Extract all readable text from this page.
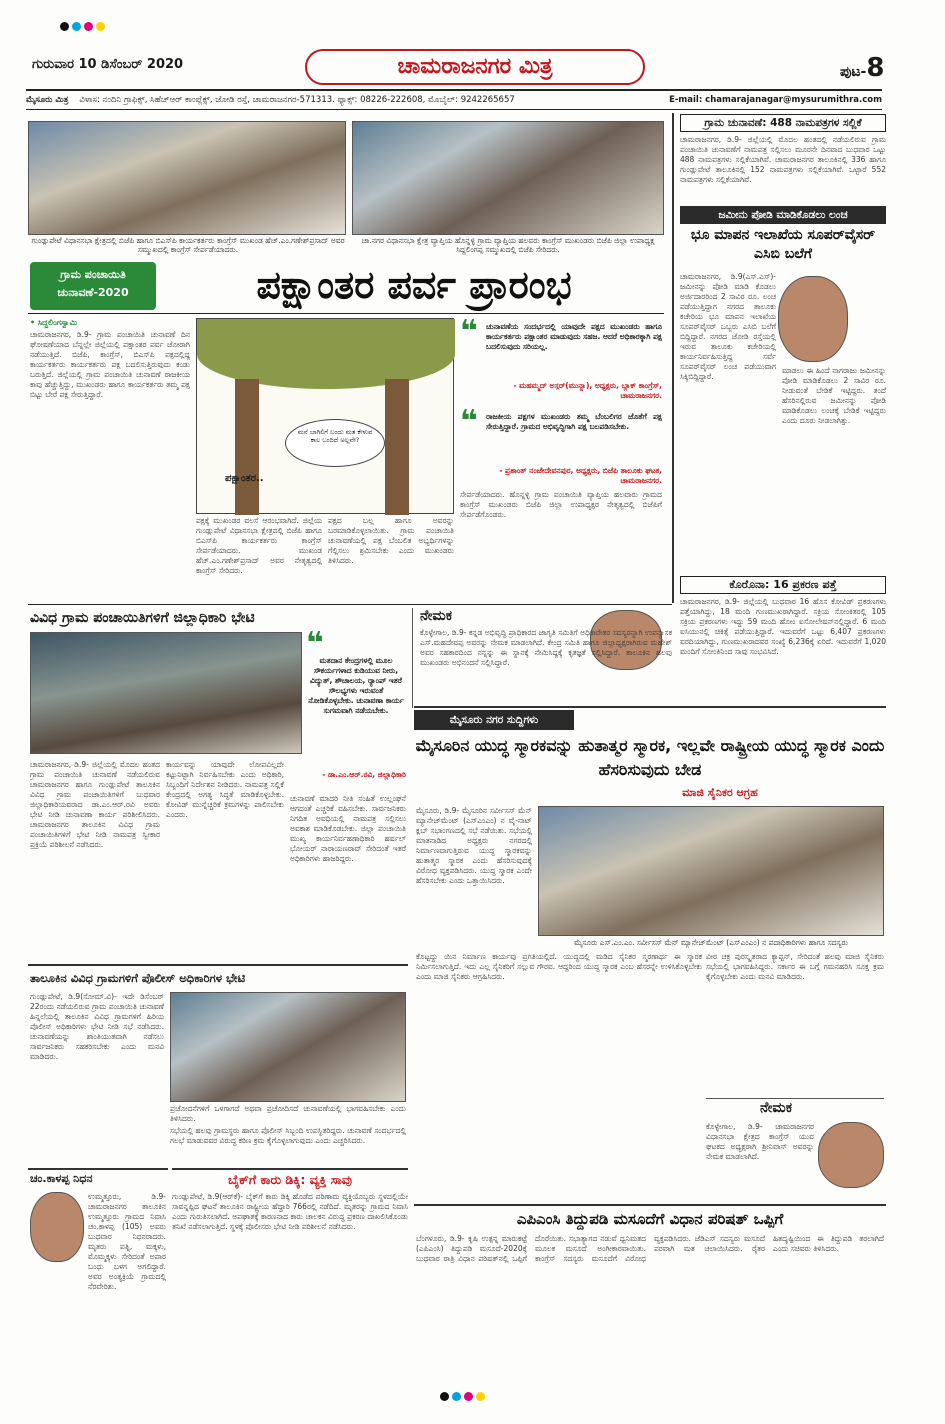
ಗುರುವಾರ 10 ಡಿಸೆಂಬರ್ 2020	ಚಾಮರಾಜನಗರ ಮಿತ್ರ	ಪುಟ-8
ಮೈಸೂರು ಮಿತ್ರ ವಿಳಾಸ: ನಂದಿನಿ ಗ್ರಾಫಿಕ್ಸ್, ಸಿಹೆಚ್‌ಆರ್ ಕಾಂಪ್ಲೆಕ್ಸ್, ಜೋಡಿ ರಸ್ತೆ, ಚಾಮರಾಜನಗರ-571313. ಫ್ಯಾಕ್ಸ್: 08226-222608, ಮೊಬೈಲ್: 9242265657	E-mail: chamarajanagar@mysurumithra.com
ಗುಂಡ್ಲುಪೇಟೆ ವಿಧಾನಸಭಾ ಕ್ಷೇತ್ರದಲ್ಲಿ ಬಿಜೆಪಿ ಹಾಗೂ ಬಿಎಸ್‌ಪಿ ಕಾರ್ಯಕರ್ತರು ಕಾಂಗ್ರೆಸ್ ಮುಖಂಡ ಹೆಚ್.ಎಂ.ಗಣೇಶ್‌ಪ್ರಸಾದ್ ಅವರ ಸಮ್ಮುಖದಲ್ಲಿ ಕಾಂಗ್ರೆಸ್ ಸೇರ್ಪಡೆಯಾದರು.
ಚಾ.ನಗರ ವಿಧಾನಸಭಾ ಕ್ಷೇತ್ರ ವ್ಯಾಪ್ತಿಯ ಹೊನ್ನಳ್ಳಿ ಗ್ರಾಮ ವ್ಯಾಪ್ತಿಯ ಹಲವರು ಕಾಂಗ್ರೆಸ್ ಮುಖಂಡರು ಬಿಜೆಪಿ ಜಿಲ್ಲಾ ಉಪಾಧ್ಯಕ್ಷ ಸಿದ್ದಲಿಂಗಪ್ಪ ಸಮ್ಮುಖದಲ್ಲಿ ಬಿಜೆಪಿ ಸೇರಿದರು.
ಗ್ರಾಮ ಪಂಚಾಯಿತಿ
ಚುನಾವಣೆ-2020	ಪಕ್ಷಾಂತರ ಪರ್ವ ಪ್ರಾರಂಭ
• ಸಿದ್ದಲಿಂಗಸ್ವಾಮಿ
ಚಾಮರಾಜನಗರ, ಡಿ.9- ಗ್ರಾಮ ಪಂಚಾಯಿತಿ ಚುನಾವಣೆ ದಿನ ಘೋಷಣೆಯಾದ ಬೆನ್ನಲ್ಲೇ ಜಿಲ್ಲೆಯಲ್ಲಿ ಪಕ್ಷಾಂತರ ಪರ್ವ ಜೋರಾಗಿ ನಡೆಯುತ್ತಿದೆ. ಬಿಜೆಪಿ, ಕಾಂಗ್ರೆಸ್, ಬಿಎಸ್‌ಪಿ ಪಕ್ಷದಲ್ಲಿದ್ದ ಕಾರ್ಯಕರ್ತರು ಕಾರ್ಯಕರ್ತರು ಪಕ್ಷ ಬದಲಿಸುತ್ತಿರುವುದು ಕಂಡು ಬರುತ್ತಿದೆ. ಜಿಲ್ಲೆಯಲ್ಲಿ ಗ್ರಾಮ ಪಂಚಾಯಿತಿ ಚುನಾವಣೆ ರಾಜಕೀಯ ಕಾವು ಹೆಚ್ಚುತ್ತಿದ್ದು, ಮುಖಂಡರು ಹಾಗೂ ಕಾರ್ಯಕರ್ತರು ತಮ್ಮ ಪಕ್ಷ ಬಿಟ್ಟು ಬೇರೆ ಪಕ್ಷ ಸೇರುತ್ತಿದ್ದಾರೆ.
ಮನೆ ಬಾಗಿಲಿಗೆ ಬಂದು ಮತ ಕೇಳುವ ಕಾಲ ಬಂದಿದೆ ಅಲ್ಲವೇ?
ಪಕ್ಷಾಂತರ..
ಪಕ್ಷಕ್ಕೆ ಮುಖಂಡರ ವಲಸೆ ಆರಂಭವಾಗಿದೆ. ಜಿಲ್ಲೆಯ ಗುಂಡ್ಲುಪೇಟೆ ವಿಧಾನಸಭಾ ಕ್ಷೇತ್ರದಲ್ಲಿ ಬಿಜೆಪಿ ಹಾಗೂ ಬಿಎಸ್‌ಪಿ ಕಾರ್ಯಕರ್ತರು ಕಾಂಗ್ರೆಸ್ ಸೇರ್ಪಡೆಯಾದರು. ಮುಖಂಡ ಹೆಚ್.ಎಂ.ಗಣೇಶ್‌ಪ್ರಸಾದ್ ಅವರ ನೇತೃತ್ವದಲ್ಲಿ ಕಾಂಗ್ರೆಸ್ ಸೇರಿದರು.
ಪಕ್ಷದ ಬಲ್ಲ ಹಾಗೂ ಅವರನ್ನು ಬರಮಾಡಿಕೊಳ್ಳಲಾಯಿತು. ಗ್ರಾಮ ಪಂಚಾಯಿತಿ ಚುನಾವಣೆಯಲ್ಲಿ ಪಕ್ಷ ಬೆಂಬಲಿತ ಅಭ್ಯರ್ಥಿಗಳನ್ನು ಗೆಲ್ಲಿಸಲು ಶ್ರಮಿಸಬೇಕು ಎಂದು ಮುಖಂಡರು ತಿಳಿಸಿದರು.
❝ ಚುನಾವಣೆಯ ಸಂದರ್ಭದಲ್ಲಿ ಯಾವುದೇ ಪಕ್ಷದ ಮುಖಂಡರು ಹಾಗೂ ಕಾರ್ಯಕರ್ತರು ಪಕ್ಷಾಂತರ ಮಾಡುವುದು ಸಹಜ. ಆದರೆ ಅಧಿಕಾರಕ್ಕಾಗಿ ಪಕ್ಷ ಬದಲಿಸುವುದು ಸರಿಯಲ್ಲ.
- ಮಹಮ್ಮದ್ ಅಸ್ಗರ್(ಮುನ್ನಾ), ಅಧ್ಯಕ್ಷರು, ಬ್ಲಾಕ್ ಕಾಂಗ್ರೆಸ್, ಚಾಮರಾಜನಗರ.
❝ ರಾಜಕೀಯ ಪಕ್ಷಗಳ ಮುಖಂಡರು ತಮ್ಮ ಬೆಂಬಲಿಗರ ಜೊತೆಗೆ ಪಕ್ಷ ಸೇರುತ್ತಿದ್ದಾರೆ. ಗ್ರಾಮದ ಅಭಿವೃದ್ಧಿಗಾಗಿ ಪಕ್ಷ ಬಲಪಡಿಸಬೇಕು.
- ಪ್ರಶಾಂತ್ ನಂಜೇದೇವನಪುರ, ಅಧ್ಯಕ್ಷರು, ಬಿಜೆಪಿ ತಾಲೂಕು ಘಟಕ, ಚಾಮರಾಜನಗರ.
ಸೇರ್ಪಡೆಯಾದರು. ಹೊನ್ನಳ್ಳಿ ಗ್ರಾಮ ಪಂಚಾಯಿತಿ ವ್ಯಾಪ್ತಿಯ ಹಲವಾರು ಗ್ರಾಮದ ಕಾಂಗ್ರೆಸ್ ಮುಖಂಡರು ಬಿಜೆಪಿ ಜಿಲ್ಲಾ ಉಪಾಧ್ಯಕ್ಷರ ನೇತೃತ್ವದಲ್ಲಿ ಬಿಜೆಪಿಗೆ ಸೇರ್ಪಡೆಗೊಂಡರು.
ಗ್ರಾಮ ಚುನಾವಣೆ: 488 ನಾಮಪತ್ರಗಳ ಸಲ್ಲಿಕೆ
ಚಾಮರಾಜನಗರ, ಡಿ.9- ಜಿಲ್ಲೆಯಲ್ಲಿ ಮೊದಲ ಹಂತದಲ್ಲಿ ನಡೆಯಲಿರುವ ಗ್ರಾಮ ಪಂಚಾಯಿತಿ ಚುನಾವಣೆಗೆ ನಾಮಪತ್ರ ಸಲ್ಲಿಸಲು ಮೂರನೇ ದಿನವಾದ ಬುಧವಾರ ಒಟ್ಟು 488 ನಾಮಪತ್ರಗಳು ಸಲ್ಲಿಕೆಯಾಗಿವೆ. ಚಾಮರಾಜನಗರ ತಾಲೂಕಿನಲ್ಲಿ 336 ಹಾಗೂ ಗುಂಡ್ಲುಪೇಟೆ ತಾಲೂಕಿನಲ್ಲಿ 152 ನಾಮಪತ್ರಗಳು ಸಲ್ಲಿಕೆಯಾಗಿವೆ. ಒಟ್ಟಾರೆ 552 ನಾಮಪತ್ರಗಳು ಸಲ್ಲಿಕೆಯಾಗಿವೆ.
ಜಮೀನು ಪೋಡಿ ಮಾಡಿಕೊಡಲು ಲಂಚ
ಭೂ ಮಾಪನ ಇಲಾಖೆಯ ಸೂಪರ್‌ವೈಸರ್ ಎಸಿಬಿ ಬಲೆಗೆ
ಚಾಮರಾಜನಗರ, ಡಿ.9(ಎಸ್.ಎಸ್)- ಜಮೀನನ್ನು ಪೋಡಿ ಮಾಡಿ ಕೊಡಲು ಅರ್ಜಿದಾರರಿಂದ 2 ಸಾವಿರ ರೂ. ಲಂಚ ಪಡೆಯುತ್ತಿದ್ದಾಗ ನಗರದ ತಾಲೂಕು ಕಚೇರಿಯ ಭೂ ಮಾಪನ ಇಲಾಖೆಯ ಸೂಪರ್‌ವೈಸರ್ ಒಬ್ಬರು ಎಸಿಬಿ ಬಲೆಗೆ ಬಿದ್ದಿದ್ದಾರೆ. ನಗರದ ಜೋಡಿ ರಸ್ತೆಯಲ್ಲಿ ಇರುವ ತಾಲೂಕು ಕಚೇರಿಯಲ್ಲಿ ಕಾರ್ಯನಿರ್ವಹಿಸುತ್ತಿದ್ದ ಸರ್ವೆ ಸೂಪರ್‌ವೈಸರ್ ಲಂಚ ಪಡೆಯುವಾಗ ಸಿಕ್ಕಿಬಿದ್ದಿದ್ದಾರೆ.
ಮಾಡಲು ಈ ಹಿಂದೆ ನಾಗರಾಜು ಜಮೀನನ್ನು ಪೋಡಿ ಮಾಡಿಕೊಡಲು 2 ಸಾವಿರ ರೂ. ನೀಡುವಂತೆ ಬೇಡಿಕೆ ಇಟ್ಟಿದ್ದರು. ತಂದೆ ಹೆಸರಿನಲ್ಲಿರುವ ಜಮೀನನ್ನು ಪೋಡಿ ಮಾಡಿಕೊಡಲು ಲಂಚಕ್ಕೆ ಬೇಡಿಕೆ ಇಟ್ಟಿದ್ದರು ಎಂದು ದೂರು ನೀಡಲಾಗಿತ್ತು.
ಕೊರೊನಾ: 16 ಪ್ರಕರಣ ಪತ್ತೆ
ಚಾಮರಾಜನಗರ, ಡಿ.9- ಜಿಲ್ಲೆಯಲ್ಲಿ ಬುಧವಾರ 16 ಹೊಸ ಕೋವಿಡ್ ಪ್ರಕರಣಗಳು ಪತ್ತೆಯಾಗಿದ್ದು, 18 ಮಂದಿ ಗುಣಮುಖರಾಗಿದ್ದಾರೆ. ಸಕ್ರಿಯ ಸೋಂಕಿತರಲ್ಲಿ 105 ಸಕ್ರಿಯ ಪ್ರಕರಣಗಳು ಇದ್ದು 59 ಮಂದಿ ಹೋಂ ಐಸೋಲೇಷನ್‌ನಲ್ಲಿದ್ದಾರೆ. 6 ಮಂದಿ ಐಸಿಯುನಲ್ಲಿ ಚಿಕಿತ್ಸೆ ಪಡೆಯುತ್ತಿದ್ದಾರೆ. ಇದುವರೆಗೆ ಒಟ್ಟು 6,407 ಪ್ರಕರಣಗಳು ವರದಿಯಾಗಿದ್ದು, ಗುಣಮುಖರಾದವರ ಸಂಖ್ಯೆ 6,236ಕ್ಕೆ ಏರಿದೆ. ಇದುವರೆಗೆ 1,020 ಮಂದಿಗೆ ಸೋಂಕಿನಿಂದ ಸಾವು ಸಂಭವಿಸಿದೆ.
ವಿವಿಧ ಗ್ರಾಮ ಪಂಚಾಯಿತಿಗಳಿಗೆ ಜಿಲ್ಲಾಧಿಕಾರಿ ಭೇಟಿ
❝
ಮತದಾನ ಕೇಂದ್ರಗಳಲ್ಲಿ ಮೂಲ ಸೌಕರ್ಯಗಳಾದ ಕುಡಿಯುವ ನೀರು, ವಿದ್ಯುತ್, ಶೌಚಾಲಯ, ರ್‍ಯಾಂಪ್ ಇತರೆ ಸೌಲಭ್ಯಗಳು ಇರುವಂತೆ ನೋಡಿಕೊಳ್ಳಬೇಕು. ಚುನಾವಣಾ ಕಾರ್ಯ ಸುಗಮವಾಗಿ ನಡೆಯಬೇಕು.
- ಡಾ.ಎಂ.ಆರ್.ರವಿ, ಜಿಲ್ಲಾಧಿಕಾರಿ
ಚಾಮರಾಜನಗರ, ಡಿ.9- ಜಿಲ್ಲೆಯಲ್ಲಿ ಮೊದಲ ಹಂತದ ಗ್ರಾಮ ಪಂಚಾಯಿತಿ ಚುನಾವಣೆ ನಡೆಯಲಿರುವ ಚಾಮರಾಜನಗರ ಹಾಗೂ ಗುಂಡ್ಲುಪೇಟೆ ತಾಲೂಕಿನ ವಿವಿಧ ಗ್ರಾಮ ಪಂಚಾಯಿತಿಗಳಿಗೆ ಬುಧವಾರ ಜಿಲ್ಲಾಧಿಕಾರಿಯವರಾದ ಡಾ.ಎಂ.ಆರ್.ರವಿ ಅವರು ಭೇಟಿ ನೀಡಿ ಚುನಾವಣಾ ಕಾರ್ಯ ಪರಿಶೀಲಿಸಿದರು. ಚಾಮರಾಜನಗರ ತಾಲೂಕಿನ ವಿವಿಧ ಗ್ರಾಮ ಪಂಚಾಯಿತಿಗಳಿಗೆ ಭೇಟಿ ನೀಡಿ ನಾಮಪತ್ರ ಸ್ವೀಕಾರ ಪ್ರಕ್ರಿಯೆ ಪರಿಶೀಲನೆ ನಡೆಸಿದರು.
ಕಾರ್ಯವನ್ನು ಯಾವುದೇ ಲೋಪವಿಲ್ಲದೇ ಕಟ್ಟುನಿಟ್ಟಾಗಿ ನಿರ್ವಹಿಸಬೇಕು ಎಂದು ಅಧಿಕಾರಿ, ಸಿಬ್ಬಂದಿಗೆ ನಿರ್ದೇಶನ ನೀಡಿದರು. ನಾಮಪತ್ರ ಸಲ್ಲಿಕೆ ಕೇಂದ್ರದಲ್ಲಿ ಅಗತ್ಯ ಸಿದ್ಧತೆ ಮಾಡಿಕೊಳ್ಳಬೇಕು. ಕೋವಿಡ್ ಮುನ್ನೆಚ್ಚರಿಕೆ ಕ್ರಮಗಳನ್ನು ಪಾಲಿಸಬೇಕು ಎಂದರು.
ಚುನಾವಣೆ ಮಾದರಿ ನೀತಿ ಸಂಹಿತೆ ಉಲ್ಲಂಘನೆ ಆಗದಂತೆ ಎಚ್ಚರಿಕೆ ವಹಿಸಬೇಕು. ಸಾರ್ವಜನಿಕರು ನಿಗದಿತ ಅವಧಿಯಲ್ಲಿ ನಾಮಪತ್ರ ಸಲ್ಲಿಸಲು ಅವಕಾಶ ಮಾಡಿಕೊಡಬೇಕು. ಜಿಲ್ಲಾ ಪಂಚಾಯಿತಿ ಮುಖ್ಯ ಕಾರ್ಯನಿರ್ವಹಣಾಧಿಕಾರಿ ಹರ್ಷಲ್ ಭೋಯರ್ ನಾರಾಯಣರಾವ್ ಸೇರಿದಂತೆ ಇತರೆ ಅಧಿಕಾರಿಗಳು ಹಾಜರಿದ್ದರು.
ನೇಮಕ
ಕೊಳ್ಳೇಗಾಲ, ಡಿ.9- ಕನ್ನಡ ಅಭಿವೃದ್ಧಿ ಪ್ರಾಧಿಕಾರದ ಜಾಗೃತಿ ಸಮಿತಿಗೆ ಅಧಿಕಾರೇತರ ಸದಸ್ಯರನ್ನಾಗಿ ಉಪನ್ಯಾಸಕ ಎಸ್.ಮಹದೇವಪ್ಪ ಅವರನ್ನು ನೇಮಕ ಮಾಡಲಾಗಿದೆ. ಕೇಂದ್ರ ಸಮಿತಿ ಹಾಗೂ ಜಿಲ್ಲಾಧ್ಯಕ್ಷರಾಗಿರುವ ಮಹೇಶ್ ಅವರ ಸಹಕಾರದಿಂದ ನನ್ನನ್ನು ಈ ಸ್ಥಾನಕ್ಕೆ ನೇಮಿಸಿದ್ದಕ್ಕೆ ಕೃತಜ್ಞತೆ ಸಲ್ಲಿಸಿದ್ದಾರೆ. ತಾಲೂಕಿನ ಹಲವು ಮುಖಂಡರು ಅಭಿನಂದನೆ ಸಲ್ಲಿಸಿದ್ದಾರೆ.
ಮೈಸೂರು ನಗರ ಸುದ್ದಿಗಳು
ಮೈಸೂರಿನ ಯುದ್ಧ ಸ್ಮಾರಕವನ್ನು ಹುತಾತ್ಮರ ಸ್ಮಾರಕ, ಇಲ್ಲವೇ ರಾಷ್ಟ್ರೀಯ ಯುದ್ಧ ಸ್ಮಾರಕ ಎಂದು ಹೆಸರಿಸುವುದು ಬೇಡ
ಮಾಜಿ ಸೈನಿಕರ ಆಗ್ರಹ
ಮೈಸೂರು, ಡಿ.9- ಮೈಸೂರಿನ ಸರ್ವೀಸಸ್ ಮೆನ್ ಮ್ಯಾನೇಜ್‌ಮೆಂಟ್ (ಎಸ್‌ಎಂಎಂ) ನ ವೈ-ನಾಟ್ ಕ್ಲಬ್ ಸಭಾಂಗಣದಲ್ಲಿ ಸಭೆ ನಡೆಯಿತು. ಸಭೆಯಲ್ಲಿ ಮಾತನಾಡಿದ ಅಧ್ಯಕ್ಷರು ನಗರದಲ್ಲಿ ನಿರ್ಮಾಣವಾಗುತ್ತಿರುವ ಯುದ್ಧ ಸ್ಮಾರಕವನ್ನು ಹುತಾತ್ಮರ ಸ್ಮಾರಕ ಎಂದು ಹೆಸರಿಸುವುದಕ್ಕೆ ವಿರೋಧ ವ್ಯಕ್ತಪಡಿಸಿದರು. ಯುದ್ಧ ಸ್ಮಾರಕ ಎಂದೇ ಹೆಸರಿಸಬೇಕು ಎಂದು ಒತ್ತಾಯಿಸಿದರು.
ಮೈಸೂರು ಎಸ್.ಎಂ.ಎಂ. ಸರ್ವೀಸಸ್ ಮೆನ್ ಮ್ಯಾನೇಜ್‌ಮೆಂಟ್ (ಎಸ್‌ಎಂಎಂ) ನ ಪದಾಧಿಕಾರಿಗಳು ಹಾಗೂ ಸದಸ್ಯರು
ಕೊಟ್ಟದ್ದು ಯಿನ ನಿರ್ಮಾಣ ಕಾರ್ಯವು ಪ್ರಗತಿಯಲ್ಲಿದೆ. ಯುದ್ಧದಲ್ಲಿ ಮಡಿದ ಸೈನಿಕರ ಸ್ಮರಣಾರ್ಥ ಈ ಸ್ಮಾರಕ ನಿರ್ಮಿಸಲಾಗುತ್ತಿದೆ. ಇದು ಎಲ್ಲ ಸೈನಿಕರಿಗೆ ಸಲ್ಲುವ ಗೌರವ. ಆದ್ದರಿಂದ ಯುದ್ಧ ಸ್ಮಾರಕ ಎಂಬ ಹೆಸರನ್ನೇ ಉಳಿಸಿಕೊಳ್ಳಬೇಕು ಎಂದು ಮಾಜಿ ಸೈನಿಕರು ಆಗ್ರಹಿಸಿದರು.
ವೀರ ಚಕ್ರ ಪುರಸ್ಕೃತರಾದ ಕ್ಯಾಪ್ಟನ್, ಸೇರಿದಂತೆ ಹಲವು ಮಾಜಿ ಸೈನಿಕರು ಸಭೆಯಲ್ಲಿ ಭಾಗವಹಿಸಿದ್ದರು. ಸರ್ಕಾರ ಈ ಬಗ್ಗೆ ಗಮನಹರಿಸಿ ಸೂಕ್ತ ಕ್ರಮ ಕೈಗೊಳ್ಳಬೇಕು ಎಂದು ಮನವಿ ಮಾಡಿದರು.
ನೇಮಕ
ಕೊಳ್ಳೇಗಾಲ, ಡಿ.9- ಚಾಮರಾಜನಗರ ವಿಧಾನಸಭಾ ಕ್ಷೇತ್ರದ ಕಾಂಗ್ರೆಸ್ ಯುವ ಘಟಕದ ಅಧ್ಯಕ್ಷರಾಗಿ ಶ್ರೀನಿವಾಸ್ ಅವರನ್ನು ನೇಮಕ ಮಾಡಲಾಗಿದೆ.
ತಾಲೂಕಿನ ವಿವಿಧ ಗ್ರಾಮಗಳಿಗೆ ಪೊಲೀಸ್ ಅಧಿಕಾರಿಗಳ ಭೇಟಿ
ಗುಂಡ್ಲುಪೇಟೆ, ಡಿ.9(ಸೋಮ್.ವಿ)- ಇದೇ ಡಿಸೆಂಬರ್ 22ರಂದು ನಡೆಯಲಿರುವ ಗ್ರಾಮ ಪಂಚಾಯಿತಿ ಚುನಾವಣೆ ಹಿನ್ನಲೆಯಲ್ಲಿ ತಾಲೂಕಿನ ವಿವಿಧ ಗ್ರಾಮಗಳಿಗೆ ಹಿರಿಯ ಪೊಲೀಸ್ ಅಧಿಕಾರಿಗಳು ಭೇಟಿ ನೀಡಿ ಸಭೆ ನಡೆಸಿದರು. ಚುನಾವಣೆಯನ್ನು ಶಾಂತಿಯುತವಾಗಿ ನಡೆಸಲು ಸಾರ್ವಜನಿಕರು ಸಹಕರಿಸಬೇಕು ಎಂದು ಮನವಿ ಮಾಡಿದರು.
ಪ್ರಚೋದನೆಗಳಿಗೆ ಒಳಗಾಗದೆ ಅಥವಾ ಪ್ರಚೋದಿಸದೆ ಚುನಾವಣೆಯಲ್ಲಿ ಭಾಗವಹಿಸಬೇಕು ಎಂದು ತಿಳಿಸಿದರು.
ಸಭೆಯಲ್ಲಿ ಹಲವು ಗ್ರಾಮಸ್ಥರು ಹಾಗೂ ಪೊಲೀಸ್ ಸಿಬ್ಬಂದಿ ಉಪಸ್ಥಿತರಿದ್ದರು. ಚುನಾವಣೆ ಸಂದರ್ಭದಲ್ಲಿ ಗಲಭೆ ಮಾಡುವವರ ವಿರುದ್ಧ ಕಠಿಣ ಕ್ರಮ ಕೈಗೊಳ್ಳಲಾಗುವುದು ಎಂದು ಎಚ್ಚರಿಸಿದರು.
ಚಂ.ಕಾಳಪ್ಪ ನಿಧನ
ಉಮ್ಮತ್ತೂರು, ಡಿ.9- ಚಾಮರಾಜನಗರ ತಾಲೂಕಿನ ಉಮ್ಮತ್ತೂರು ಗ್ರಾಮದ ನಿವಾಸಿ ಚಂ.ಕಾಳಪ್ಪ (105) ಅವರು ಬುಧವಾರ ನಿಧನರಾದರು. ಮೃತರು ಪತ್ನಿ, ಮಕ್ಕಳು, ಮೊಮ್ಮಕ್ಕಳು ಸೇರಿದಂತೆ ಅಪಾರ ಬಂಧು ಬಳಗ ಅಗಲಿದ್ದಾರೆ. ಅವರ ಅಂತ್ಯಕ್ರಿಯೆ ಗ್ರಾಮದಲ್ಲಿ ನೆರವೇರಿತು.
ಬೈಕ್‌ಗೆ ಕಾರು ಡಿಕ್ಕಿ: ವ್ಯಕ್ತಿ ಸಾವು
ಗುಂಡ್ಲುಪೇಟೆ, ಡಿ.9(ಆರ್‌ಕೆ)- ಬೈಕ್‌ಗೆ ಕಾರು ಡಿಕ್ಕಿ ಹೊಡೆದ ಪರಿಣಾಮ ವ್ಯಕ್ತಿಯೊಬ್ಬರು ಸ್ಥಳದಲ್ಲಿಯೇ ಸಾವನ್ನಪ್ಪಿದ ಘಟನೆ ತಾಲೂಕಿನ ರಾಷ್ಟ್ರೀಯ ಹೆದ್ದಾರಿ 766ರಲ್ಲಿ ನಡೆದಿದೆ. ಮೃತರನ್ನು ಗ್ರಾಮದ ನಿವಾಸಿ ಎಂದು ಗುರುತಿಸಲಾಗಿದೆ. ಅಪಘಾತಕ್ಕೆ ಕಾರಣನಾದ ಕಾರು ಚಾಲಕನ ವಿರುದ್ಧ ಪ್ರಕರಣ ದಾಖಲಿಸಿಕೊಂಡು ತನಿಖೆ ನಡೆಸಲಾಗುತ್ತಿದೆ. ಸ್ಥಳಕ್ಕೆ ಪೊಲೀಸರು ಭೇಟಿ ನೀಡಿ ಪರಿಶೀಲನೆ ನಡೆಸಿದರು.	ಎಪಿಎಂಸಿ ತಿದ್ದುಪಡಿ ಮಸೂದೆಗೆ ವಿಧಾನ ಪರಿಷತ್ ಒಪ್ಪಿಗೆ
ಬೆಂಗಳೂರು, ಡಿ.9- ಕೃಷಿ ಉತ್ಪನ್ನ ಮಾರುಕಟ್ಟೆ (ಎಪಿಎಂಸಿ) ತಿದ್ದುಪಡಿ ಮಸೂದೆ-2020ಕ್ಕೆ ಬುಧವಾರ ರಾತ್ರಿ ವಿಧಾನ ಪರಿಷತ್‌ನಲ್ಲಿ ಒಪ್ಪಿಗೆ ದೊರೆಯಿತು. ಸಭಾತ್ಯಾಗದ ನಡುವೆ ಧ್ವನಿಮತದ ಮೂಲಕ ಮಸೂದೆ ಅಂಗೀಕಾರವಾಯಿತು. ಕಾಂಗ್ರೆಸ್ ಸದಸ್ಯರು ಮಸೂದೆಗೆ ವಿರೋಧ ವ್ಯಕ್ತಪಡಿಸಿದರು. ಜೆಡಿಎಸ್ ಸದಸ್ಯರು ಮಸೂದೆ ಪರವಾಗಿ ಮತ ಚಲಾಯಿಸಿದರು. ರೈತರ ಹಿತದೃಷ್ಟಿಯಿಂದ ಈ ತಿದ್ದುಪಡಿ ತರಲಾಗಿದೆ ಎಂದು ಸಚಿವರು ತಿಳಿಸಿದರು.
